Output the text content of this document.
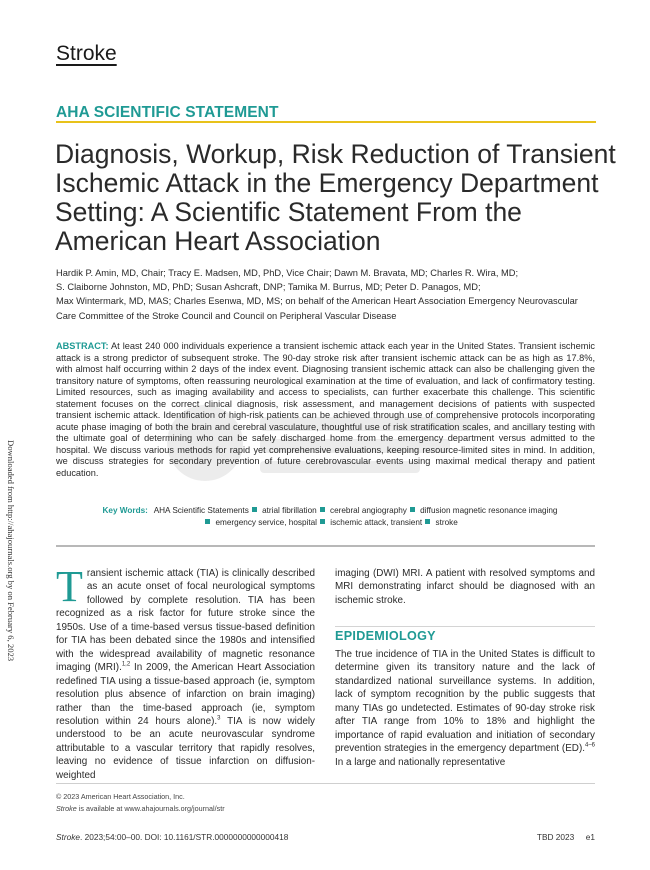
Stroke
AHA SCIENTIFIC STATEMENT
Diagnosis, Workup, Risk Reduction of Transient
Ischemic Attack in the Emergency Department
Setting: A Scientific Statement From the
American Heart Association
Hardik P. Amin, MD, Chair; Tracy E. Madsen, MD, PhD, Vice Chair; Dawn M. Bravata, MD; Charles R. Wira, MD;
S. Claiborne Johnston, MD, PhD; Susan Ashcraft, DNP; Tamika M. Burrus, MD; Peter D. Panagos, MD;
Max Wintermark, MD, MAS; Charles Esenwa, MD, MS; on behalf of the American Heart Association Emergency Neurovascular
Care Committee of the Stroke Council and Council on Peripheral Vascular Disease
ABSTRACT: At least 240 000 individuals experience a transient ischemic attack each year in the United States. Transient ischemic attack is a strong predictor of subsequent stroke. The 90-day stroke risk after transient ischemic attack can be as high as 17.8%, with almost half occurring within 2 days of the index event. Diagnosing transient ischemic attack can also be challenging given the transitory nature of symptoms, often reassuring neurological examination at the time of evaluation, and lack of confirmatory testing. Limited resources, such as imaging availability and access to specialists, can further exacerbate this challenge. This scientific statement focuses on the correct clinical diagnosis, risk assessment, and management decisions of patients with suspected transient ischemic attack. Identification of high-risk patients can be achieved through use of comprehensive protocols incorporating acute phase imaging of both the brain and cerebral vasculature, thoughtful use of risk stratification scales, and ancillary testing with the ultimate goal of determining who can be safely discharged home from the emergency department versus admitted to the hospital. We discuss various methods for rapid yet comprehensive evaluations, keeping resource-limited sites in mind. In addition, we discuss strategies for secondary prevention of future cerebrovascular events using maximal medical therapy and patient education.
Key Words: AHA Scientific Statements atrial fibrillation cerebral angiography diffusion magnetic resonance imaging
emergency service, hospital ischemic attack, transient stroke
Downloaded from http://ahajournals.org by on February 6, 2023 Transient ischemic attack (TIA) is clinically described as an acute onset of focal neurological symptoms followed by complete resolution. TIA has been recognized as a risk factor for future stroke since the 1950s. Use of a time-based versus tissue-based definition for TIA has been debated since the 1980s and intensified with the widespread availability of magnetic resonance imaging (MRI).$^{1,2}$ In 2009, the American Heart Association redefined TIA using a tissue-based approach (ie, symptom resolution plus absence of infarction on brain imaging) rather than the time-based approach (ie, symptom resolution within 24 hours alone).$^3$ TIA is now widely understood to be an acute neurovascular syndrome attributable to a vascular territory that rapidly resolves, leaving no evidence of tissue infarction on diffusion-weighted
imaging (DWI) MRI. A patient with resolved symptoms and MRI demonstrating infarct should be diagnosed with an ischemic stroke.
EPIDEMIOLOGY
The true incidence of TIA in the United States is difficult to determine given its transitory nature and the lack of standardized national surveillance systems. In addition, lack of symptom recognition by the public suggests that many TIAs go undetected. Estimates of 90-day stroke risk after TIA range from 10% to 18% and highlight the importance of rapid evaluation and initiation of secondary prevention strategies in the emergency department (ED).$^{4-6}$ In a large and nationally representative
© 2023 American Heart Association, Inc.
Stroke is available at www.ahajournals.org/journal/str
Stroke. 2023;54:00–00. DOI: 10.1161/STR.0000000000000418	TBD 2023 e1
